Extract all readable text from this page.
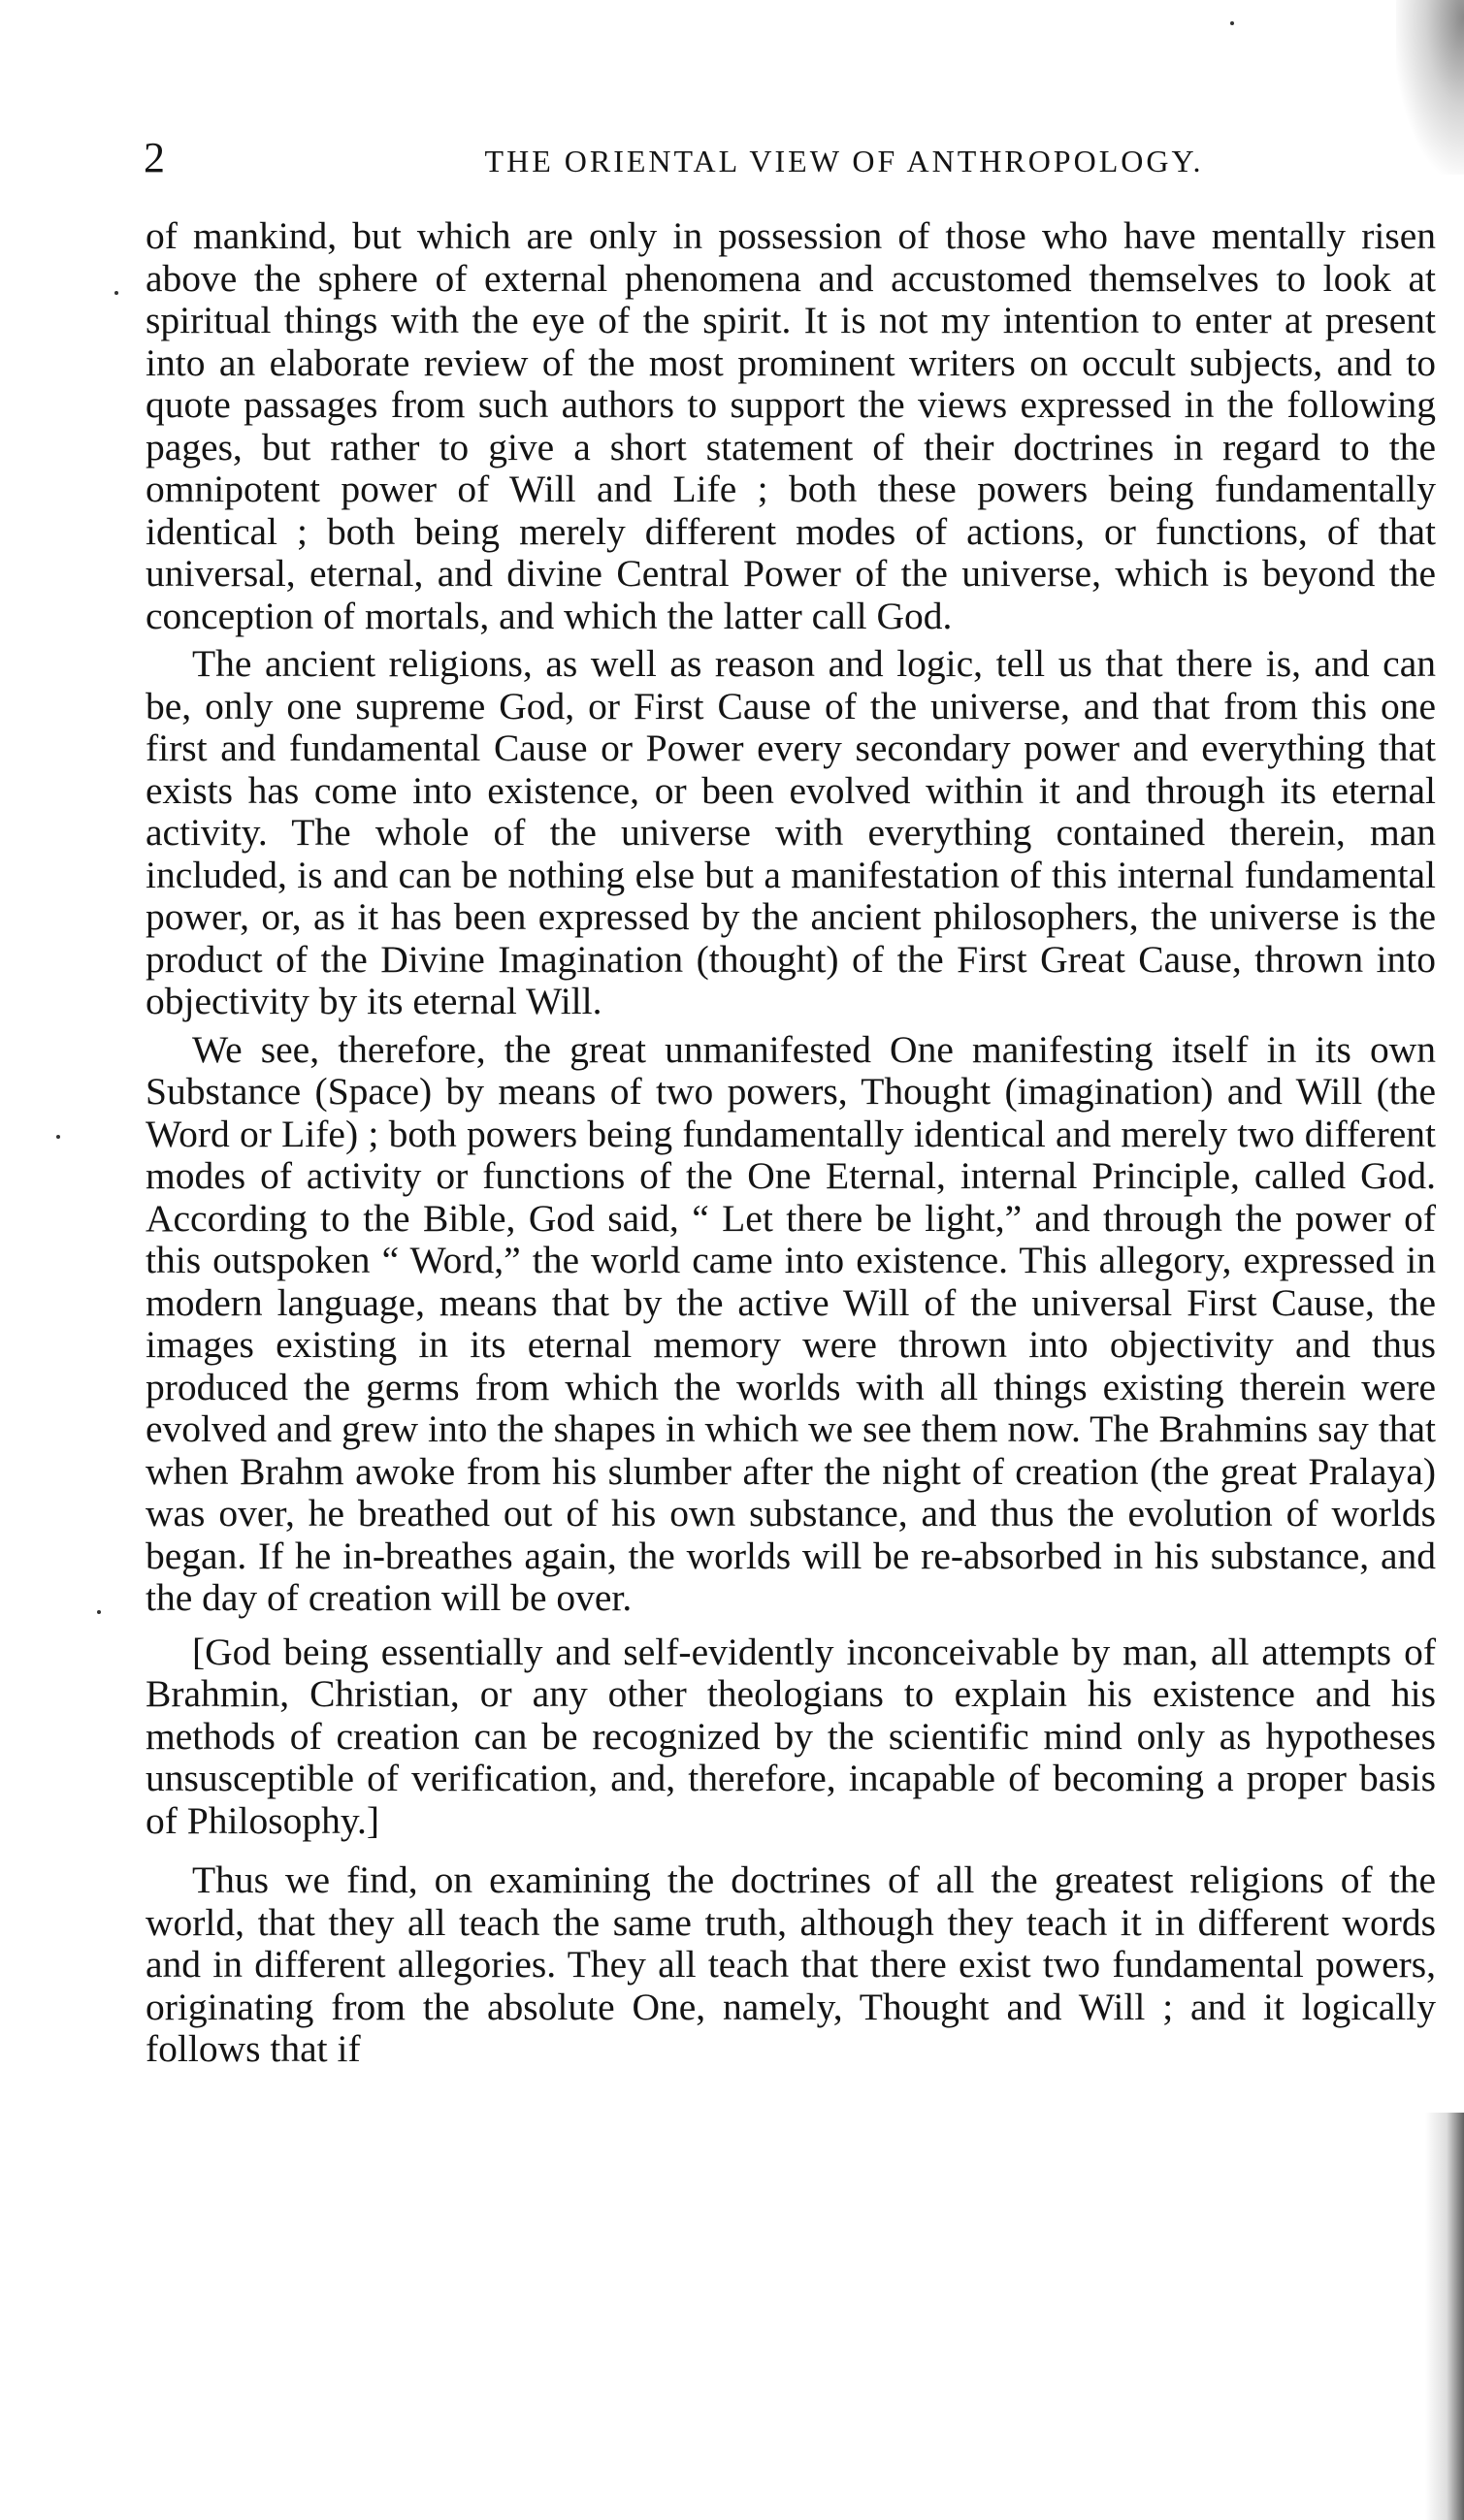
2	THE ORIENTAL VIEW OF ANTHROPOLOGY.

of mankind, but which are only in possession of those who have mentally risen above the sphere of external phenomena and accustomed themselves to look at spiritual things with the eye of the spirit. It is not my intention to enter at present into an elaborate review of the most prominent writers on occult subjects, and to quote passages from such authors to support the views expressed in the following pages, but rather to give a short statement of their doctrines in regard to the omnipotent power of Will and Life ; both these powers being fundamentally identical ; both being merely different modes of actions, or functions, of that universal, eternal, and divine Central Power of the universe, which is beyond the conception of mortals, and which the latter call God.

The ancient religions, as well as reason and logic, tell us that there is, and can be, only one supreme God, or First Cause of the universe, and that from this one first and fundamental Cause or Power every secondary power and everything that exists has come into existence, or been evolved within it and through its eternal activity. The whole of the universe with everything contained therein, man included, is and can be nothing else but a manifestation of this internal fundamental power, or, as it has been expressed by the ancient philosophers, the universe is the product of the Divine Imagination (thought) of the First Great Cause, thrown into objectivity by its eternal Will.

We see, therefore, the great unmanifested One manifesting itself in its own Substance (Space) by means of two powers, Thought (imagination) and Will (the Word or Life) ; both powers being fundamentally identical and merely two different modes of activity or functions of the One Eternal, internal Principle, called God. According to the Bible, God said, “ Let there be light,” and through the power of this outspoken “ Word,” the world came into existence. This allegory, expressed in modern language, means that by the active Will of the universal First Cause, the images existing in its eternal memory were thrown into objectivity and thus produced the germs from which the worlds with all things existing therein were evolved and grew into the shapes in which we see them now. The Brahmins say that when Brahm awoke from his slumber after the night of creation (the great Pralaya) was over, he breathed out of his own substance, and thus the evolution of worlds began. If he in-breathes again, the worlds will be re-absorbed in his substance, and the day of creation will be over.

[God being essentially and self-evidently inconceivable by man, all attempts of Brahmin, Christian, or any other theologians to explain his existence and his methods of creation can be recognized by the scientific mind only as hypotheses unsusceptible of verification, and, therefore, incapable of becoming a proper basis of Philosophy.]

Thus we find, on examining the doctrines of all the greatest religions of the world, that they all teach the same truth, although they teach it in different words and in different allegories. They all teach that there exist two fundamental powers, originating from the absolute One, namely, Thought and Will ; and it logically follows that if
